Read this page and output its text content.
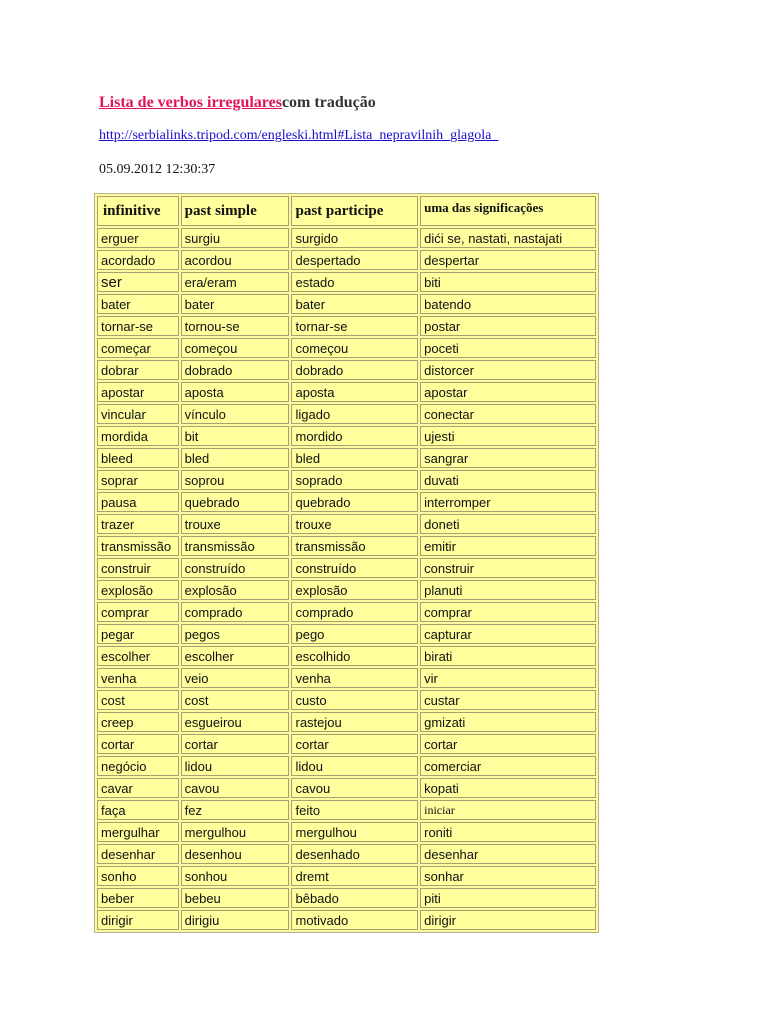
Lista de verbos irregularescom tradução
http://serbialinks.tripod.com/engleski.html#Lista_nepravilnih_glagola_
05.09.2012 12:30:37
infinitive	past simple	past participe	uma das significações
erguer	surgiu	surgido	dići se, nastati, nastajati
acordado	acordou	despertado	despertar
ser	era/eram	estado	biti
bater	bater	bater	batendo
tornar-se	tornou-se	tornar-se	postar
começar	começou	começou	poceti
dobrar	dobrado	dobrado	distorcer
apostar	aposta	aposta	apostar
vincular	vínculo	ligado	conectar
mordida	bit	mordido	ujesti
bleed	bled	bled	sangrar
soprar	soprou	soprado	duvati
pausa	quebrado	quebrado	interromper
trazer	trouxe	trouxe	doneti
transmissão	transmissão	transmissão	emitir
construir	construído	construído	construir
explosão	explosão	explosão	planuti
comprar	comprado	comprado	comprar
pegar	pegos	pego	capturar
escolher	escolher	escolhido	birati
venha	veio	venha	vir
cost	cost	custo	custar
creep	esgueirou	rastejou	gmizati
cortar	cortar	cortar	cortar
negócio	lidou	lidou	comerciar
cavar	cavou	cavou	kopati
faça	fez	feito	iniciar
mergulhar	mergulhou	mergulhou	roniti
desenhar	desenhou	desenhado	desenhar
sonho	sonhou	dremt	sonhar
beber	bebeu	bêbado	piti
dirigir	dirigiu	motivado	dirigir
